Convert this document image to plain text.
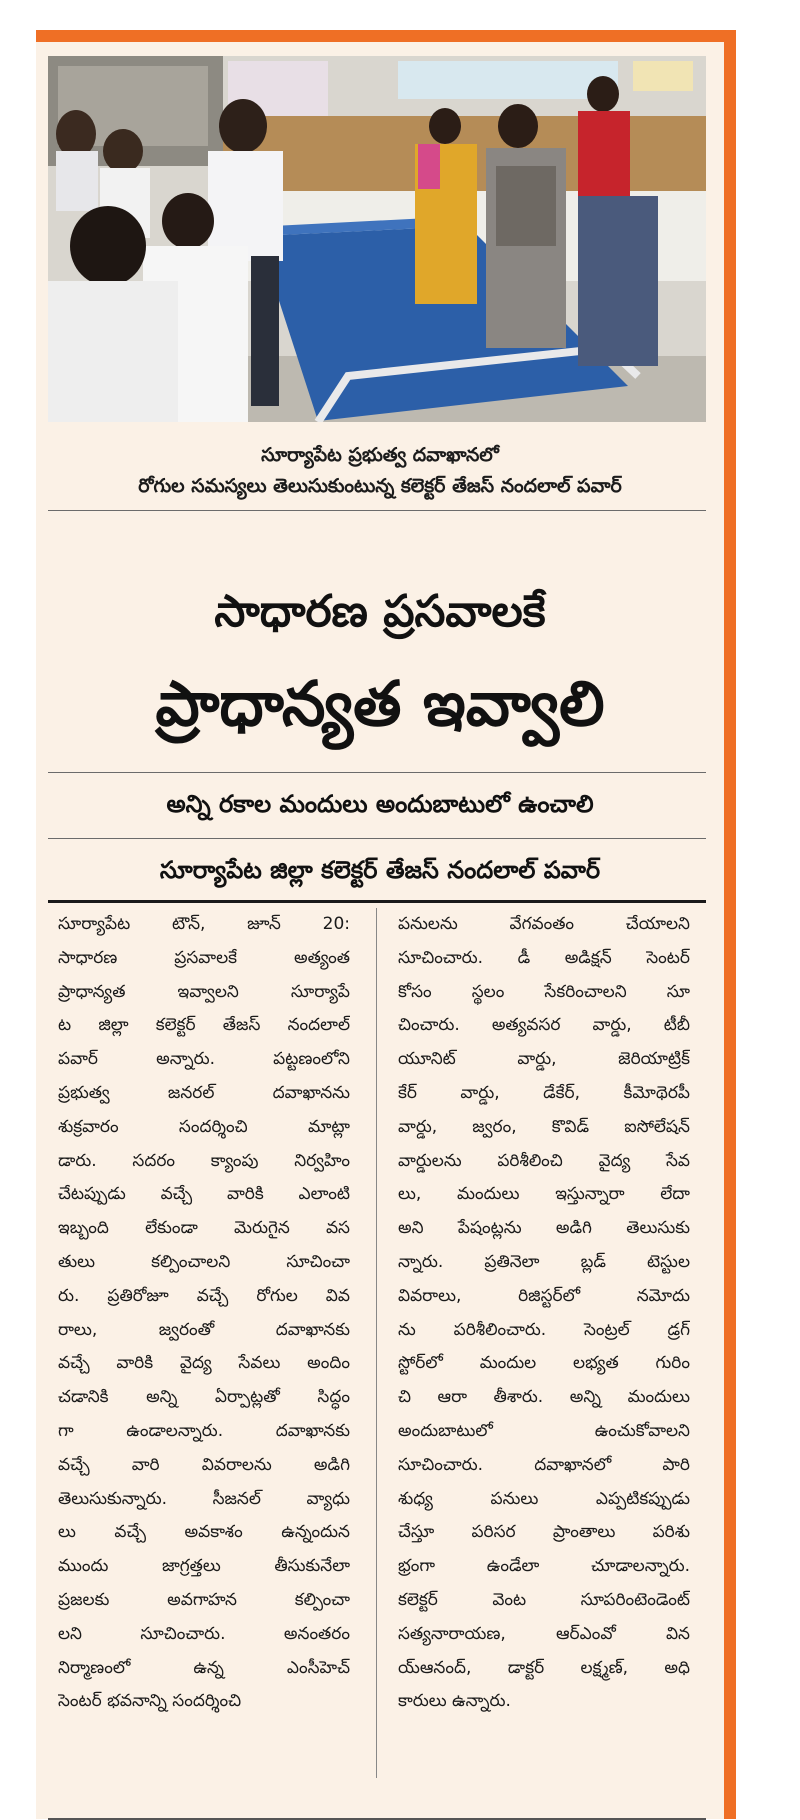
సూర్యాపేట ప్రభుత్వ దవాఖానలో
రోగుల సమస్యలు తెలుసుకుంటున్న కలెక్టర్ తేజస్ నందలాల్ పవార్
సాధారణ ప్రసవాలకే
ప్రాధాన్యత ఇవ్వాలి
అన్ని రకాల మందులు అందుబాటులో ఉంచాలి
సూర్యాపేట జిల్లా కలెక్టర్ తేజస్ నందలాల్ పవార్
సూర్యాపేట టౌన్, జూన్ 20:
సాధారణ ప్రసవాలకే అత్యంత
ప్రాధాన్యత ఇవ్వాలని సూర్యాపే
ట జిల్లా కలెక్టర్ తేజస్ నందలాల్
పవార్ అన్నారు. పట్టణంలోని
ప్రభుత్వ జనరల్ దవాఖానను
శుక్రవారం సందర్శించి మాట్లా
డారు. సదరం క్యాంపు నిర్వహిం
చేటప్పుడు వచ్చే వారికి ఎలాంటి
ఇబ్బంది లేకుండా మెరుగైన వస
తులు కల్పించాలని సూచించా
రు. ప్రతిరోజూ వచ్చే రోగుల వివ
రాలు, జ్వరంతో దవాఖానకు
వచ్చే వారికి వైద్య సేవలు అందిం
చడానికి అన్ని ఏర్పాట్లతో సిద్ధం
గా ఉండాలన్నారు. దవాఖానకు
వచ్చే వారి వివరాలను అడిగి
తెలుసుకున్నారు. సీజనల్ వ్యాధు
లు వచ్చే అవకాశం ఉన్నందున
ముందు జాగ్రత్తలు తీసుకునేలా
ప్రజలకు అవగాహన కల్పించా
లని సూచించారు. అనంతరం
నిర్మాణంలో ఉన్న ఎంసీహెచ్
సెంటర్ భవనాన్ని సందర్శించి
పనులను వేగవంతం చేయాలని
సూచించారు. డీ అడిక్షన్ సెంటర్
కోసం స్థలం సేకరించాలని సూ
చించారు. అత్యవసర వార్డు, టీబీ
యూనిట్ వార్డు, జెరియాట్రిక్
కేర్ వార్డు, డేకేర్, కీమోథెరపీ
వార్డు, జ్వరం, కొవిడ్ ఐసోలేషన్
వార్డులను పరిశీలించి వైద్య సేవ
లు, మందులు ఇస్తున్నారా లేదా
అని పేషంట్లను అడిగి తెలుసుకు
న్నారు. ప్రతినెలా బ్లడ్ టెస్టుల
వివరాలు, రిజిస్టర్‌లో నమోదు
ను పరిశీలించారు. సెంట్రల్ డ్రగ్
స్టోర్‌లో మందుల లభ్యత గురిం
చి ఆరా తీశారు. అన్ని మందులు
అందుబాటులో ఉంచుకోవాలని
సూచించారు. దవాఖానలో పారి
శుధ్య పనులు ఎప్పటికప్పుడు
చేస్తూ పరిసర ప్రాంతాలు పరిశు
భ్రంగా ఉండేలా చూడాలన్నారు.
కలెక్టర్ వెంట సూపరింటెండెంట్
సత్యనారాయణ, ఆర్‌ఎంవో విన
య్‌ఆనంద్, డాక్టర్ లక్ష్మణ్, అధి
కారులు ఉన్నారు.
